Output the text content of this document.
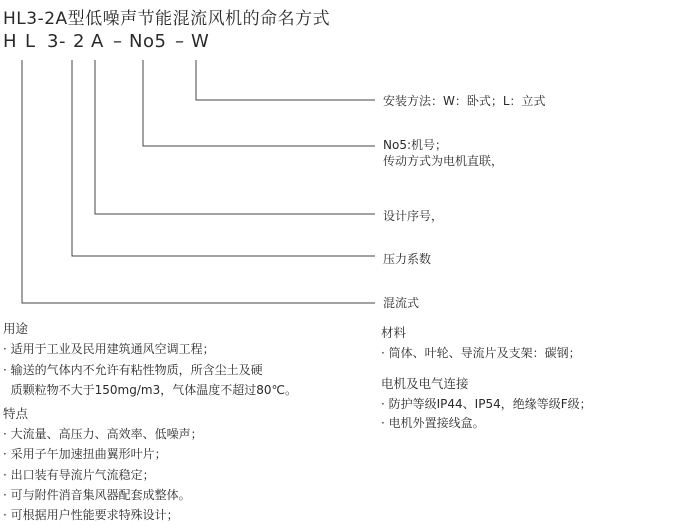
HL3-2A型低噪声节能混流风机的命名方式
H L 3- 2 A – No5 – W
安装方法：W：卧式；L：立式
No5:机号；
传动方式为电机直联，
设计序号，
压力系数
混流式
用途
· 适用于工业及民用建筑通风空调工程；
· 输送的气体内不允许有粘性物质，所含尘土及硬
质颗粒物不大于150mg/m3，气体温度不超过80℃。
特点
· 大流量、高压力、高效率、低噪声；
· 采用子午加速扭曲翼形叶片；
· 出口装有导流片气流稳定；
· 可与附件消音集风器配套成整体。
· 可根据用户性能要求特殊设计；
材料
· 筒体、叶轮、导流片及支架：碳钢；
电机及电气连接
· 防护等级IP44、IP54，绝缘等级F级；
· 电机外置接线盒。
